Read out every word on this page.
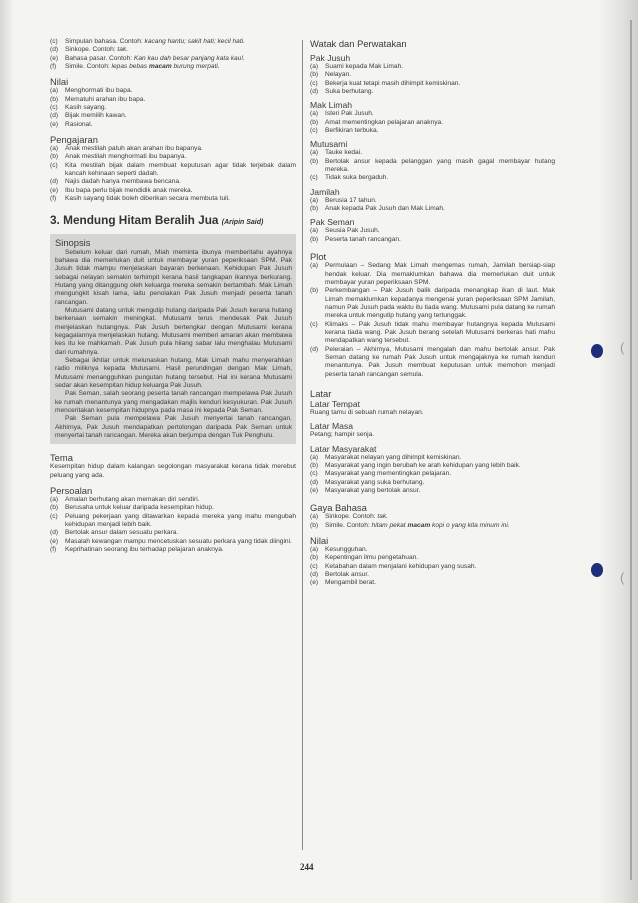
(c)	Simpulan bahasa. Contoh: kacang hantu; sakit hati; kecil hati.
(d)	Sinkope. Contoh: tak.
(e)	Bahasa pasar. Contoh: Kan kau dah besar panjang kata kau!.
(f)	Simile. Contoh: lepas bebas macam burung merpati.
Nilai
(a)	Menghormati ibu bapa.
(b)	Mematuhi arahan ibu bapa.
(c)	Kasih sayang.
(d)	Bijak memilih kawan.
(e)	Rasional.
Pengajaran
(a)	Anak mestilah patuh akan arahan ibu bapanya.
(b)	Anak mestilah menghormati ibu bapanya.
(c)	Kita mestilah bijak dalam membuat keputusan agar tidak terjebak dalam kancah kehinaan seperti dadah.
(d)	Najis dadah hanya membawa bencana.
(e)	Ibu bapa perlu bijak mendidik anak mereka.
(f)	Kasih sayang tidak boleh diberikan secara membuta tuli.
3. Mendung Hitam Beralih Jua (Aripin Said)
Sinopsis

Sebelum keluar dari rumah, Miah meminta ibunya memberitahu ayahnya bahawa dia memerlukan duit untuk membayar yuran peperiksaan SPM. Pak Jusuh tidak mampu menjelaskan bayaran berkenaan. Kehidupan Pak Jusuh sebagai nelayan semakin terhimpit kerana hasil tangkapan ikannya berkurang. Hutang yang ditanggung oleh keluarga mereka semakin bertambah. Mak Limah mengungkit kisah lama, iaitu penolakan Pak Jusuh menjadi peserta tanah rancangan.

Mutusami datang untuk mengutip hutang daripada Pak Jusuh kerana hutang berkenaan semakin meningkat. Mutusami terus mendesak Pak Jusuh menjelaskan hutangnya. Pak Jusuh bertengkar dengan Mutusami kerana kegagalannya menjelaskan hutang. Mutusami memberi amaran akan membawa kes itu ke mahkamah. Pak Jusuh pula hilang sabar lalu menghalau Mutusami dari rumahnya.

Sebagai ikhtiar untuk melunaskan hutang, Mak Limah mahu menyerahkan radio miliknya kepada Mutusami. Hasil perundingan dengan Mak Limah, Mutusami menangguhkan pungutan hutang tersebut. Hal ini kerana Mutusami sedar akan kesempitan hidup keluarga Pak Jusuh.

Pak Seman, salah seorang peserta tanah rancangan mempelawa Pak Jusuh ke rumah menantunya yang mengadakan majlis kenduri kesyukuran. Pak Jusuh menceritakan kesempitan hidupnya pada masa ini kepada Pak Seman.

Pak Seman pula mempelawa Pak Jusuh menyertai tanah rancangan. Akhirnya, Pak Jusuh mendapatkan pertolongan daripada Pak Seman untuk menyertai tanah rancangan. Mereka akan berjumpa dengan Tuk Penghulu.

Tema
Kesempitan hidup dalam kalangan segolongan masyarakat kerana tidak merebut peluang yang ada.
Persoalan
(a)	Amalan berhutang akan memakan diri sendiri.
(b)	Berusaha untuk keluar daripada kesempitan hidup.
(c)	Peluang pekerjaan yang ditawarkan kepada mereka yang mahu mengubah kehidupan menjadi lebih baik.
(d)	Bertolak ansur dalam sesuatu perkara.
(e)	Masalah kewangan mampu mencetuskan sesuatu perkara yang tidak diingini.
(f)	Keprihatinan seorang ibu terhadap pelajaran anaknya.
Watak dan Perwatakan
Pak Jusuh
(a)	Suami kepada Mak Limah.
(b)	Nelayan.
(c)	Bekerja kuat tetapi masih dihimpit kemiskinan.
(d)	Suka berhutang.
Mak Limah
(a)	Isteri Pak Jusuh.
(b)	Amat mementingkan pelajaran anaknya.
(c)	Berfikiran terbuka.
Mutusami
(a)	Tauke kedai.
(b)	Bertolak ansur kepada pelanggan yang masih gagal membayar hutang mereka.
(c)	Tidak suka bergaduh.
Jamilah
(a)	Berusia 17 tahun.
(b)	Anak kepada Pak Jusuh dan Mak Limah.
Pak Seman
(a)	Seusia Pak Jusuh.
(b)	Peserta tanah rancangan.
Plot
(a)	Permulaan – Sedang Mak Limah mengemas rumah, Jamilah bersiap-siap hendak keluar. Dia memaklumkan bahawa dia memerlukan duit untuk membayar yuran peperiksaan SPM.
(b)	Perkembangan – Pak Jusuh balik daripada menangkap ikan di laut. Mak Limah memaklumkan kepadanya mengenai yuran peperiksaan SPM Jamilah, namun Pak Jusuh pada waktu itu tiada wang. Mutusami pula datang ke rumah mereka untuk mengutip hutang yang tertunggak.
(c)	Klimaks – Pak Jusuh tidak mahu membayar hutangnya kepada Mutusami kerana tiada wang. Pak Jusuh berang setelah Mutusami berkeras hati mahu mendapatkan wang tersebut.
(d)	Peleraian – Akhirnya, Mutusami mengalah dan mahu bertolak ansur. Pak Seman datang ke rumah Pak Jusuh untuk mengajaknya ke rumah kenduri menantunya. Pak Jusuh membuat keputusan untuk memohon menjadi peserta tanah rancangan semula.
Latar
Latar Tempat
Ruang tamu di sebuah rumah nelayan.
Latar Masa
Petang; hampir senja.
Latar Masyarakat
(a)	Masyarakat nelayan yang dihimpit kemiskinan.
(b)	Masyarakat yang ingin berubah ke arah kehidupan yang lebih baik.
(c)	Masyarakat yang mementingkan pelajaran.
(d)	Masyarakat yang suka berhutang.
(e)	Masyarakat yang bertolak ansur.
Gaya Bahasa
(a)	Sinkope. Contoh: tak.
(b)	Simile. Contoh: hitam pekat macam kopi o yang kita minum ini.
Nilai
(a)	Kesungguhan.
(b)	Kepentingan ilmu pengetahuan.
(c)	Ketabahan dalam menjalani kehidupan yang susah.
(d)	Bertolak ansur.
(e)	Mengambil berat.
244
(
(
